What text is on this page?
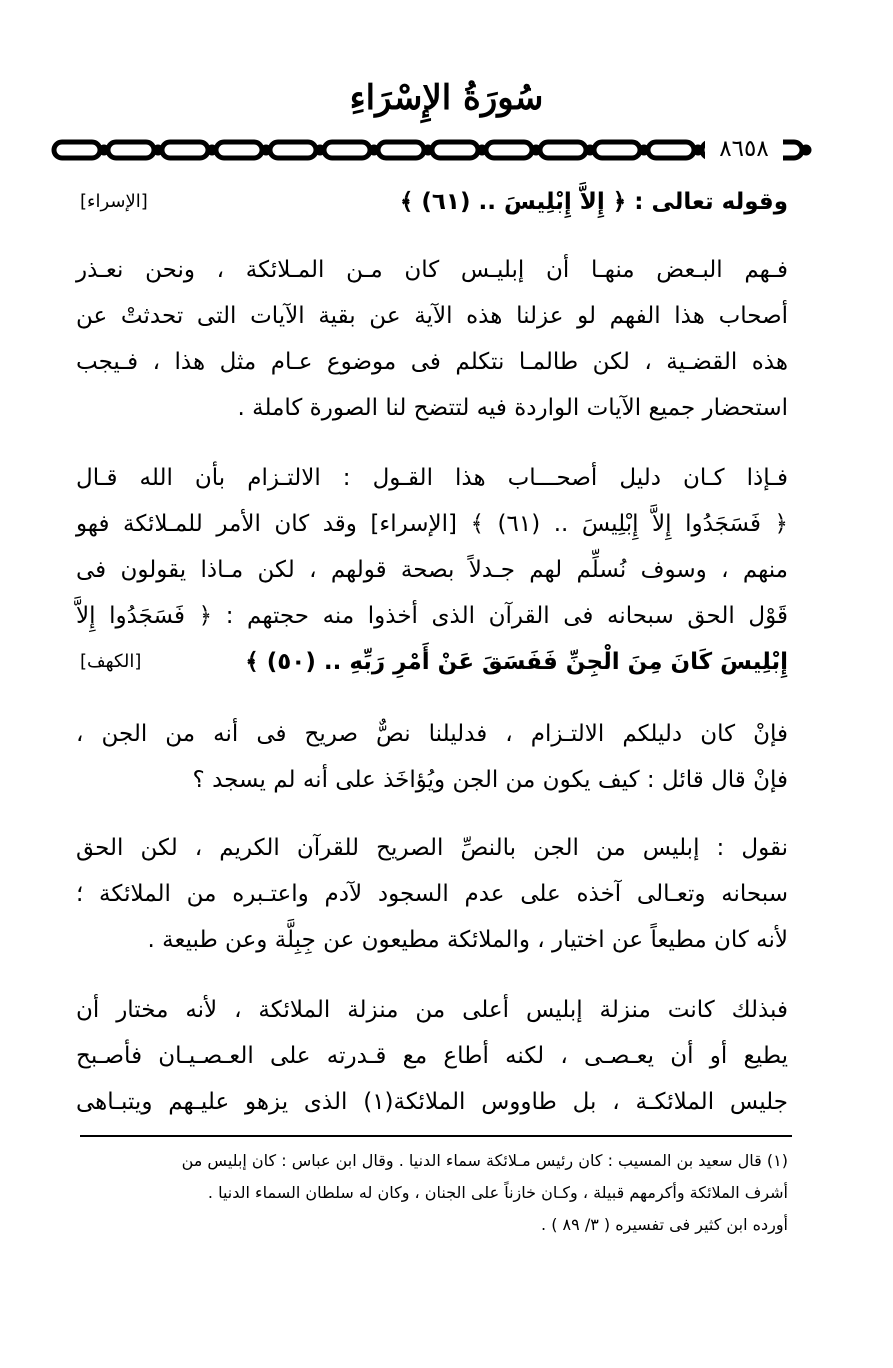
سُورَةُ الإِسْرَاءِ
٨٦٥٨
وقوله تعالى : ﴿ إِلاَّ إِبْلِيسَ .. (٦١) ﴾
[الإسراء]
فـهم البـعض منهـا أن إبليـس كان مـن المـلائكة ، ونحن نعـذر
أصحاب هذا الفهم لو عزلنا هذه الآية عن بقية الآيات التى تحدثتْ عن
هذه القضـية ، لكن طالمـا نتكلم فى موضوع عـام مثل هذا ، فـيجب
استحضار جميع الآيات الواردة فيه لتتضح لنا الصورة كاملة .
فـإذا كـان دليل أصحـــاب هذا القـول : الالتـزام بأن الله قـال
﴿ فَسَجَدُوا إِلاَّ إِبْلِيسَ .. (٦١) ﴾ [الإسراء] وقد كان الأمر للمـلائكة فهو
منهم ، وسوف نُسلِّم لهم جـدلاً بصحة قولهم ، لكن مـاذا يقولون فى
قَوْل الحق سبحانه فى القرآن الذى أخذوا منه حجتهم : ﴿ فَسَجَدُوا إِلاَّ
إِبْلِيسَ كَانَ مِنَ الْجِنِّ فَفَسَقَ عَنْ أَمْرِ رَبِّهِ .. (٥٠) ﴾
[الكهف]
فإنْ كان دليلكم الالتـزام ، فدليلنا نصٌّ صريح فى أنه من الجن ،
فإنْ قال قائل : كيف يكون من الجن ويُؤاخَذ على أنه لم يسجد ؟
نقول : إبليس من الجن بالنصِّ الصريح للقرآن الكريم ، لكن الحق
سبحانه وتعـالى آخذه على عدم السجود لآدم واعتـبره من الملائكة ؛
لأنه كان مطيعاً عن اختيار ، والملائكة مطيعون عن جِبِلَّة وعن طبيعة .
فبذلك كانت منزلة إبليس أعلى من منزلة الملائكة ، لأنه مختار أن
يطيع أو أن يعـصـى ، لكنه أطاع مع قـدرته على العـصـيـان فأصـبح
جليس الملائكـة ، بل طاووس الملائكة(١) الذى يزهو عليـهم ويتبـاهى
(١) قال سعيد بن المسيب : كان رئيس مـلائكة سماء الدنيا . وقال ابن عباس : كان إبليس من
أشرف الملائكة وأكرمهم قبيلة ، وكـان خازناً على الجنان ، وكان له سلطان السماء الدنيا .
أورده ابن كثير فى تفسيره ( ٣/ ٨٩ ) .
